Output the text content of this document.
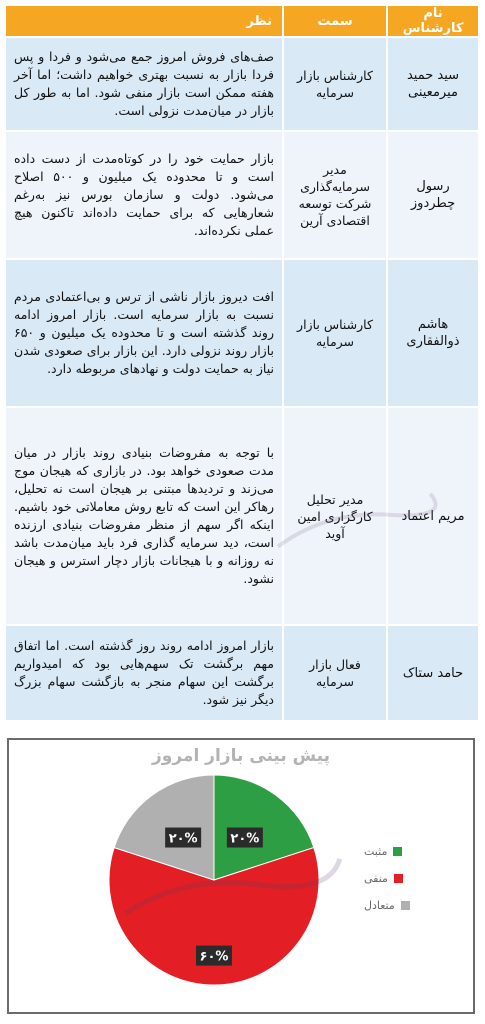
نام کارشناس	سمت	نظر
سید حمید میرمعینی	کارشناس بازار سرمایه	صف‌های فروش امروز جمع می‌شود و فردا و پس فردا بازار به نسبت بهتری خواهیم داشت؛ اما آخر هفته ممکن است بازار منفی شود. اما به طور کل بازار در میان‌مدت نزولی است.
رسول چطردوز	مدیر سرمایه‌گذاری شرکت توسعه اقتصادی آرین	بازار حمایت خود را در کوتاه‌مدت از دست داده است و تا محدوده یک میلیون و ۵۰۰ اصلاح می‌شود. دولت و سازمان بورس نیز به‌رغم شعارهایی که برای حمایت داده‌اند تاکنون هیچ عملی نکرده‌اند.
هاشم ذوالفقاری	کارشناس بازار سرمایه	افت دیروز بازار ناشی از ترس و بی‌اعتمادی مردم نسبت به بازار سرمایه است. بازار امروز ادامه روند گذشته است و تا محدوده یک میلیون و ۶۵۰ بازار روند نزولی دارد. این بازار برای صعودی شدن نیاز به حمایت دولت و نهادهای مربوطه دارد.
مریم اعتماد	مدیر تحلیل کارگزاری امین آوید	با توجه به مفروضات بنیادی روند بازار در میان مدت صعودی خواهد بود. در بازاری که هیجان موج می‌زند و تردیدها مبتنی بر هیجان است نه تحلیل، رهاکر این است که تابع روش معاملاتی خود باشیم. اینکه اگر سهم از منظر مفروضات بنیادی ارزنده است، دید سرمایه گذاری فرد باید میان‌مدت باشد نه روزانه و با هیجانات بازار دچار استرس و هیجان نشود.
حامد ستاک	فعال بازار سرمایه	بازار امروز ادامه روند روز گذشته است. اما اتفاق مهم برگشت تک سهم‌هایی بود که امیدواریم برگشت این سهام منجر به بازگشت سهام بزرگ دیگر نیز شود.
پیش بینی بازار امروز
۲۰%
۶۰%
۲۰%
مثبت
منفی
متعادل
